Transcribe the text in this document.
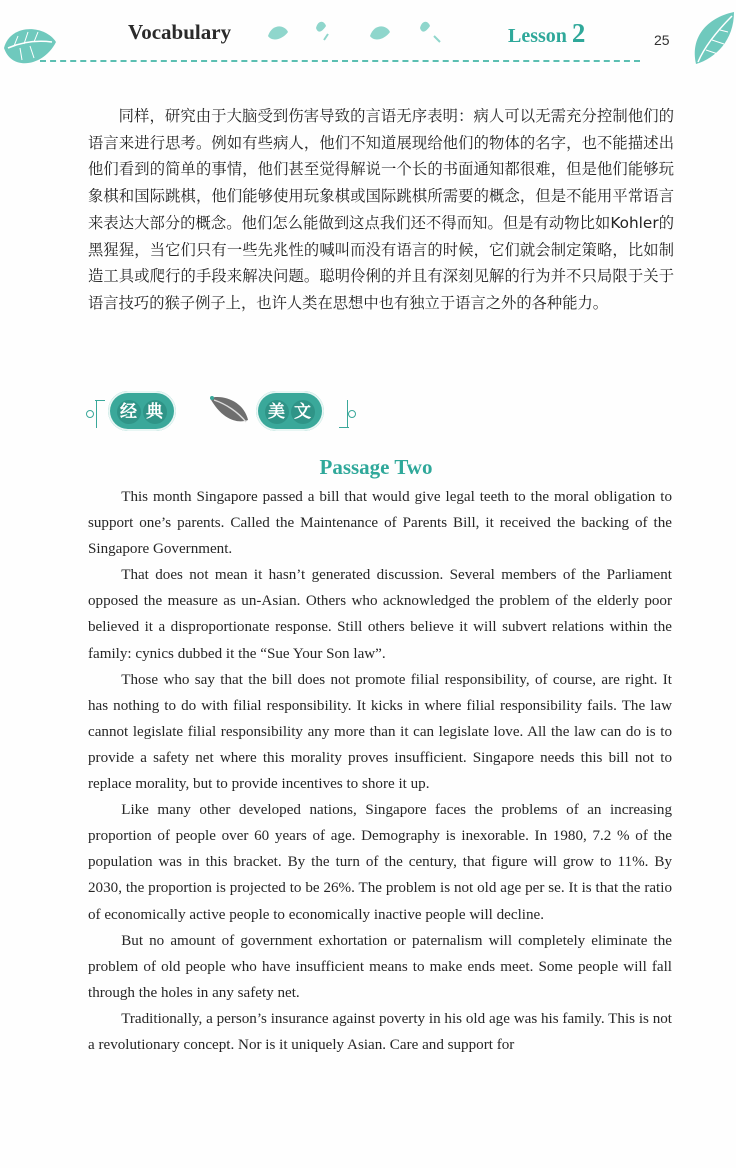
Vocabulary	Lesson 2	25

同样，研究由于大脑受到伤害导致的言语无序表明：病人可以无需充分控制他们的语言来进行思考。例如有些病人，他们不知道展现给他们的物体的名字，也不能描述出他们看到的简单的事情，他们甚至觉得解说一个长的书面通知都很难，但是他们能够玩象棋和国际跳棋，他们能够使用玩象棋或国际跳棋所需要的概念，但是不能用平常语言来表达大部分的概念。他们怎么能做到这点我们还不得而知。但是有动物比如Kohler的黑猩猩，当它们只有一些先兆性的喊叫而没有语言的时候，它们就会制定策略，比如制造工具或爬行的手段来解决问题。聪明伶俐的并且有深刻见解的行为并不只局限于关于语言技巧的猴子例子上，也许人类在思想中也有独立于语言之外的各种能力。

经 典	美 文
Passage Two

This month Singapore passed a bill that would give legal teeth to the moral obligation to support one’s parents. Called the Maintenance of Parents Bill, it received the backing of the Singapore Government.

That does not mean it hasn’t generated discussion. Several members of the Parliament opposed the measure as un-Asian. Others who acknowledged the problem of the elderly poor believed it a disproportionate response. Still others believe it will subvert relations within the family: cynics dubbed it the “Sue Your Son law”.

Those who say that the bill does not promote filial responsibility, of course, are right. It has nothing to do with filial responsibility. It kicks in where filial responsibility fails. The law cannot legislate filial responsibility any more than it can legislate love. All the law can do is to provide a safety net where this morality proves insufficient. Singapore needs this bill not to replace morality, but to provide incentives to shore it up.

Like many other developed nations, Singapore faces the problems of an increasing proportion of people over 60 years of age. Demography is inexorable. In 1980, 7.2 % of the population was in this bracket. By the turn of the century, that figure will grow to 11%. By 2030, the proportion is projected to be 26%. The problem is not old age per se. It is that the ratio of economically active people to economically inactive people will decline.

But no amount of government exhortation or paternalism will completely eliminate the problem of old people who have insufficient means to make ends meet. Some people will fall through the holes in any safety net.

Traditionally, a person’s insurance against poverty in his old age was his family. This is not a revolutionary concept. Nor is it uniquely Asian. Care and support for
